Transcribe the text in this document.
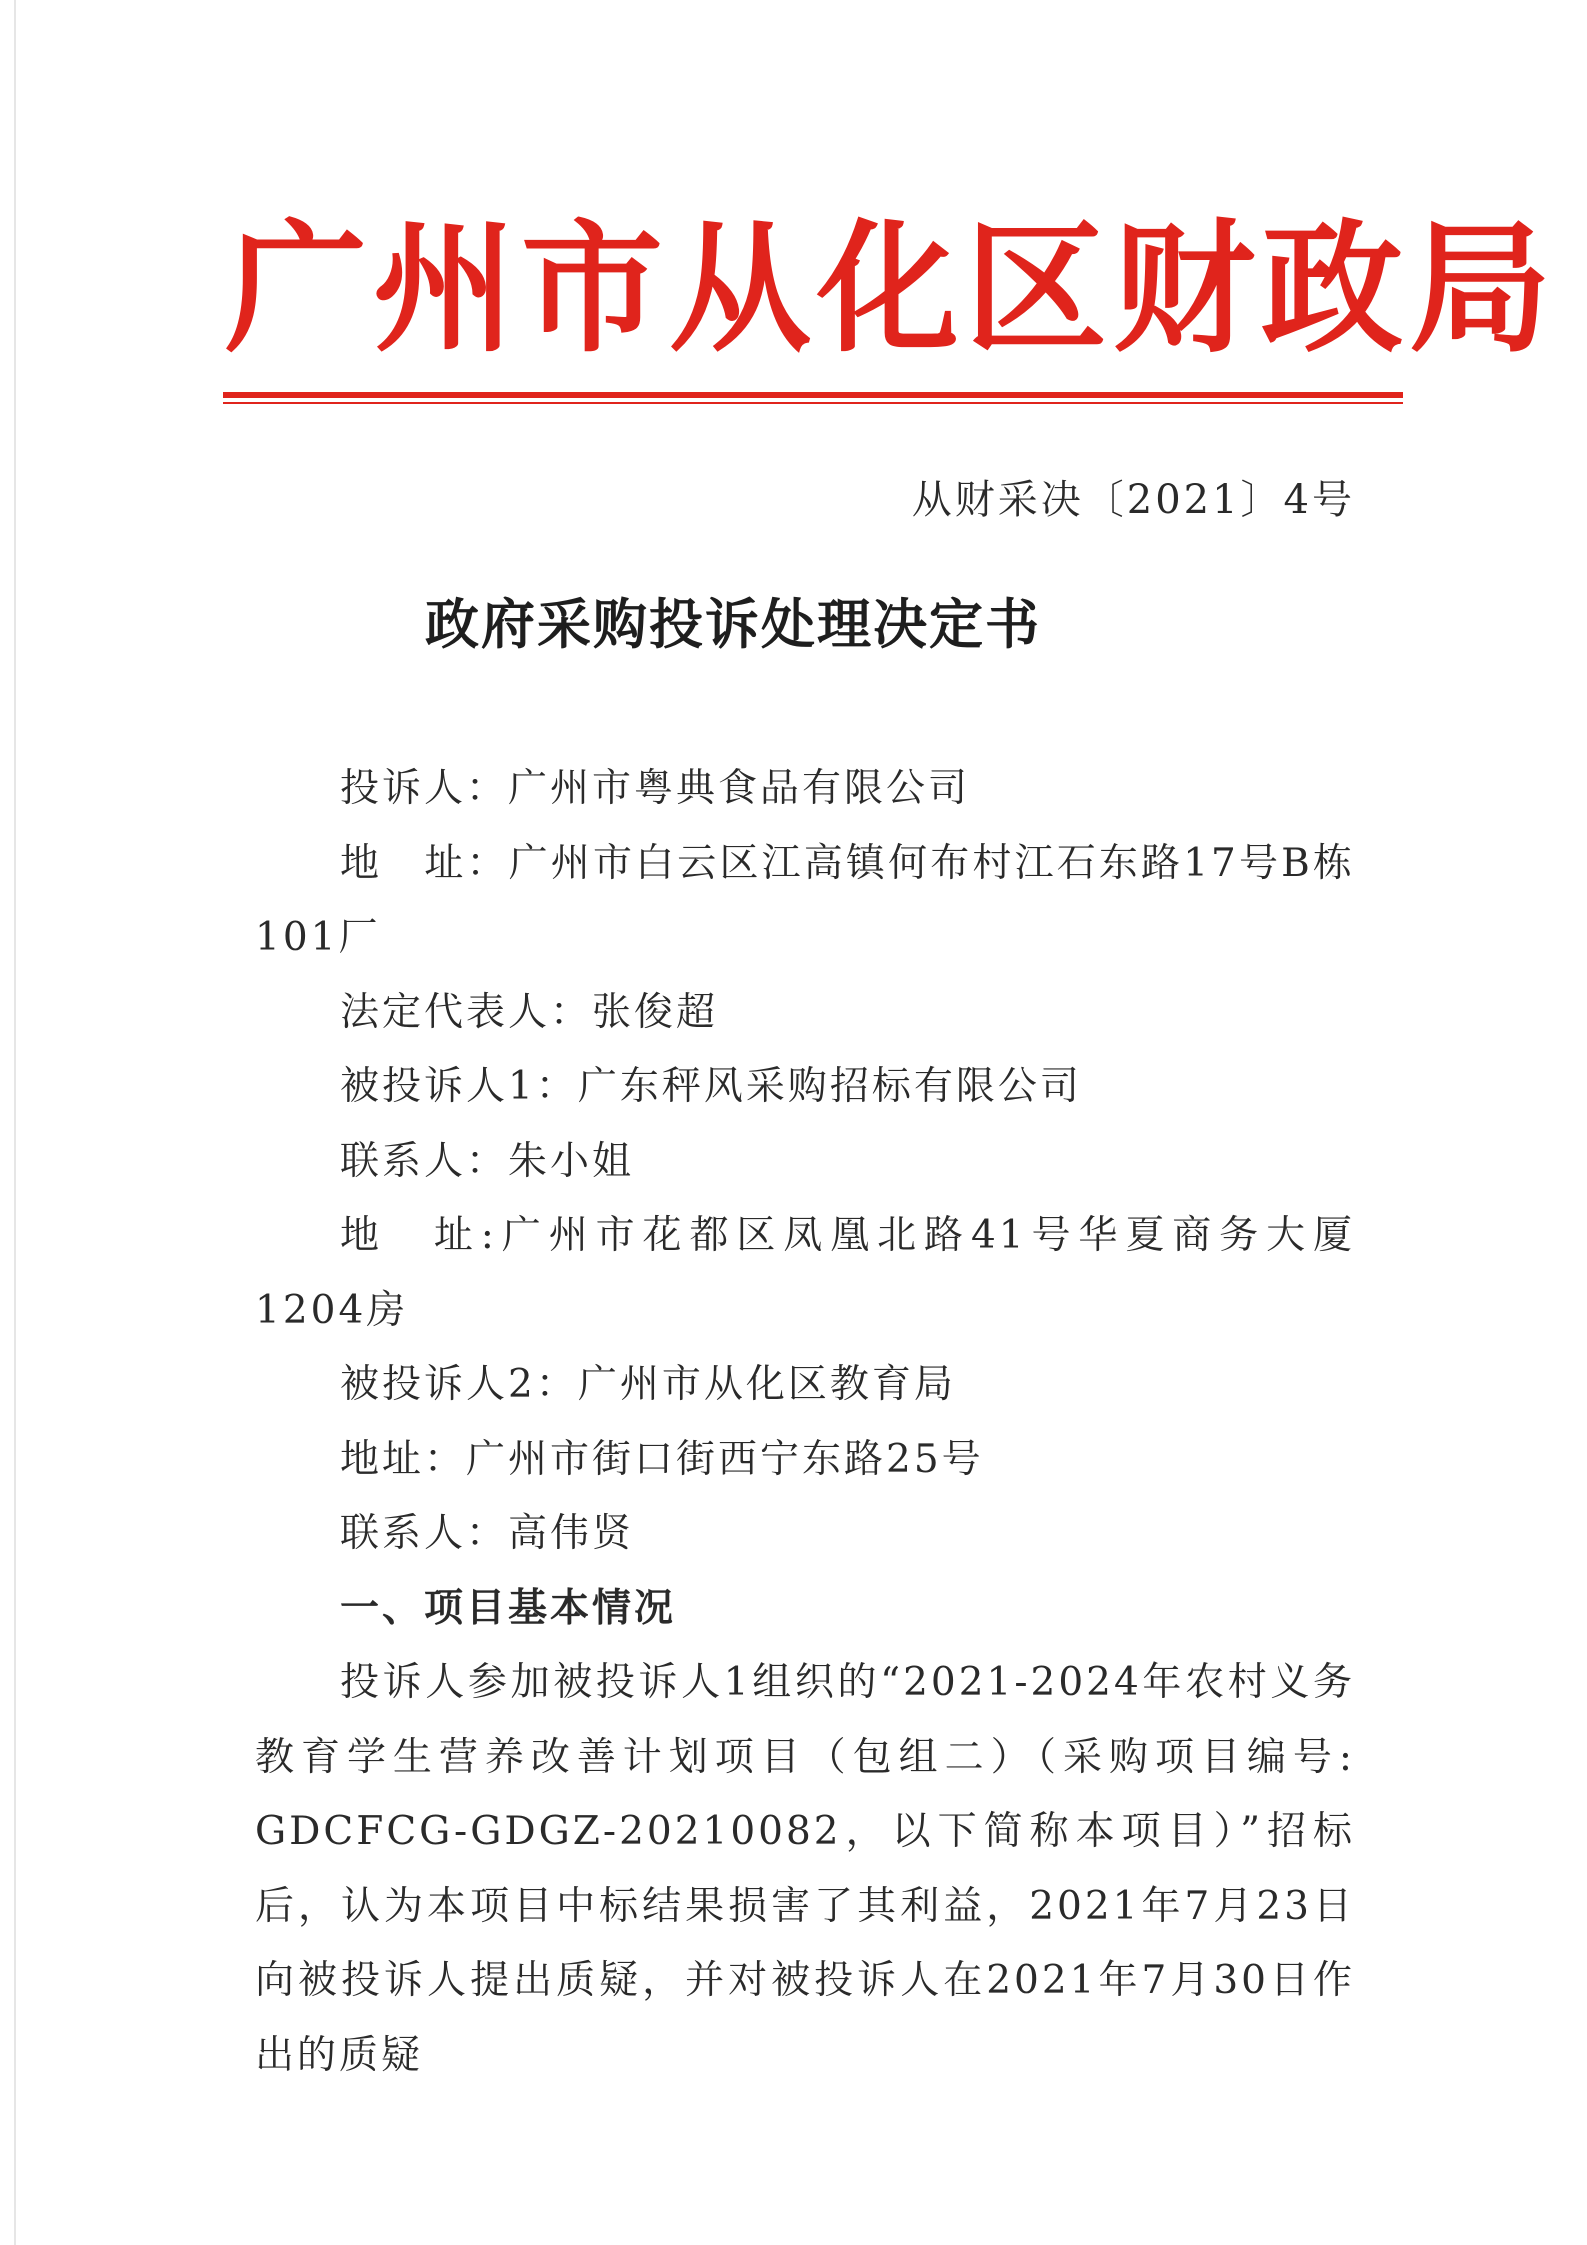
广州市从化区财政局
从财采决〔2021〕4号
政府采购投诉处理决定书

投诉人：广州市粤典食品有限公司

地　址：广州市白云区江高镇何布村江石东路17号B栋101厂

法定代表人：张俊超

被投诉人1：广东秤风采购招标有限公司

联系人：朱小姐

地　址:广州市花都区凤凰北路41号华夏商务大厦1204房

被投诉人2：广州市从化区教育局

地址：广州市街口街西宁东路25号

联系人：高伟贤

一、项目基本情况

投诉人参加被投诉人1组织的“2021-2024年农村义务教育学生营养改善计划项目（包组二）（采购项目编号: GDCFCG-GDGZ-20210082，以下简称本项目）”招标后，认为本项目中标结果损害了其利益，2021年7月23日向被投诉人提出质疑，并对被投诉人在2021年7月30日作出的质疑
